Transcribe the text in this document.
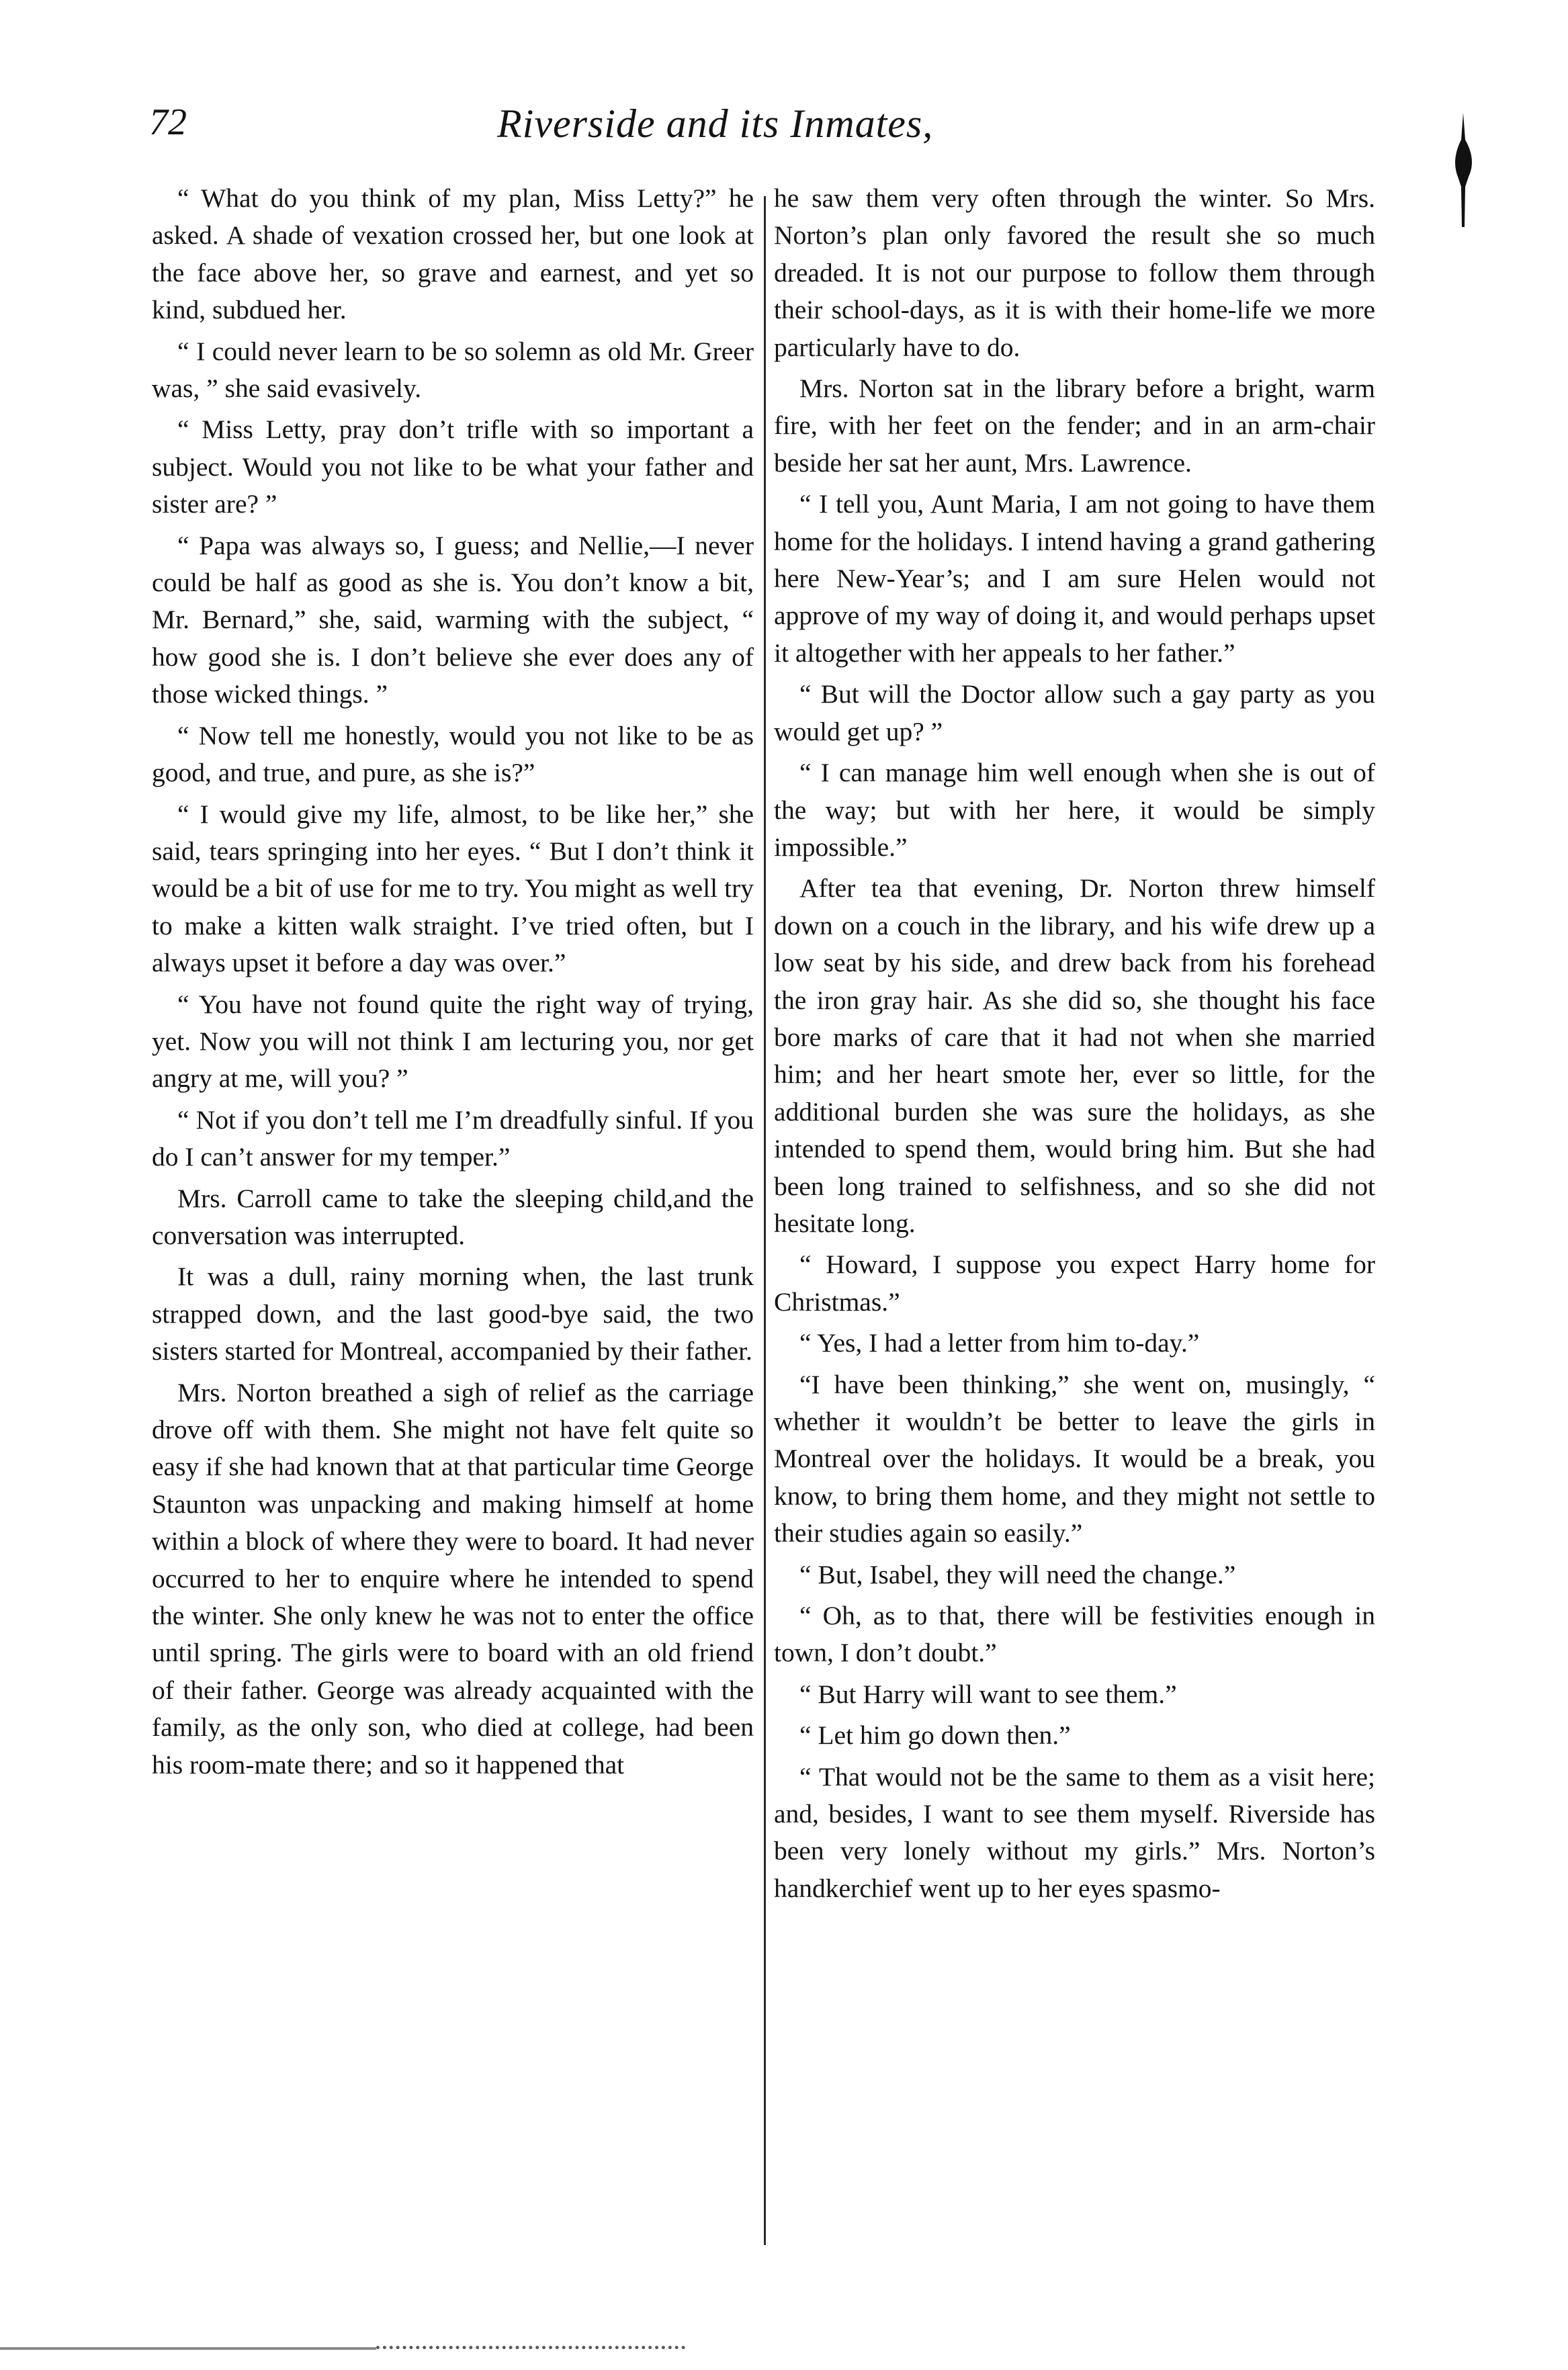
72	Riverside and its Inmates,

“ What do you think of my plan, Miss Letty?” he asked. A shade of vexation crossed her, but one look at the face above her, so grave and earnest, and yet so kind, subdued her.

“ I could never learn to be so solemn as old Mr. Greer was, ” she said evasively.

“ Miss Letty, pray don’t trifle with so important a subject. Would you not like to be what your father and sister are? ”

“ Papa was always so, I guess; and Nellie,—I never could be half as good as she is. You don’t know a bit, Mr. Bernard,” she, said, warming with the subject, “ how good she is. I don’t believe she ever does any of those wicked things. ”

“ Now tell me honestly, would you not like to be as good, and true, and pure, as she is?”

“ I would give my life, almost, to be like her,” she said, tears springing into her eyes. “ But I don’t think it would be a bit of use for me to try. You might as well try to make a kitten walk straight. I’ve tried often, but I always upset it before a day was over.”

“ You have not found quite the right way of trying, yet. Now you will not think I am lecturing you, nor get angry at me, will you? ”

“ Not if you don’t tell me I’m dreadfully sinful. If you do I can’t answer for my temper.”

Mrs. Carroll came to take the sleeping child,and the conversation was interrupted.

It was a dull, rainy morning when, the last trunk strapped down, and the last good-bye said, the two sisters started for Montreal, accompanied by their father.

Mrs. Norton breathed a sigh of relief as the carriage drove off with them. She might not have felt quite so easy if she had known that at that particular time George Staunton was unpacking and making himself at home within a block of where they were to board. It had never occurred to her to enquire where he intended to spend the winter. She only knew he was not to enter the office until spring. The girls were to board with an old friend of their father. George was already acquainted with the family, as the only son, who died at college, had been his room-mate there; and so it happened that

he saw them very often through the winter. So Mrs. Norton’s plan only favored the result she so much dreaded. It is not our purpose to follow them through their school-days, as it is with their home-life we more particularly have to do.

Mrs. Norton sat in the library before a bright, warm fire, with her feet on the fender; and in an arm-chair beside her sat her aunt, Mrs. Lawrence.

“ I tell you, Aunt Maria, I am not going to have them home for the holidays. I intend having a grand gathering here New-Year’s; and I am sure Helen would not approve of my way of doing it, and would perhaps upset it altogether with her appeals to her father.”

“ But will the Doctor allow such a gay party as you would get up? ”

“ I can manage him well enough when she is out of the way; but with her here, it would be simply impossible.”

After tea that evening, Dr. Norton threw himself down on a couch in the library, and his wife drew up a low seat by his side, and drew back from his forehead the iron gray hair. As she did so, she thought his face bore marks of care that it had not when she married him; and her heart smote her, ever so little, for the additional burden she was sure the holidays, as she intended to spend them, would bring him. But she had been long trained to selfishness, and so she did not hesitate long.

“ Howard, I suppose you expect Harry home for Christmas.”

“ Yes, I had a letter from him to-day.”

“I have been thinking,” she went on, musingly, “ whether it wouldn’t be better to leave the girls in Montreal over the holidays. It would be a break, you know, to bring them home, and they might not settle to their studies again so easily.”

“ But, Isabel, they will need the change.”

“ Oh, as to that, there will be festivities enough in town, I don’t doubt.”

“ But Harry will want to see them.”

“ Let him go down then.”

“ That would not be the same to them as a visit here; and, besides, I want to see them myself. Riverside has been very lonely without my girls.” Mrs. Norton’s handkerchief went up to her eyes spasmo-
